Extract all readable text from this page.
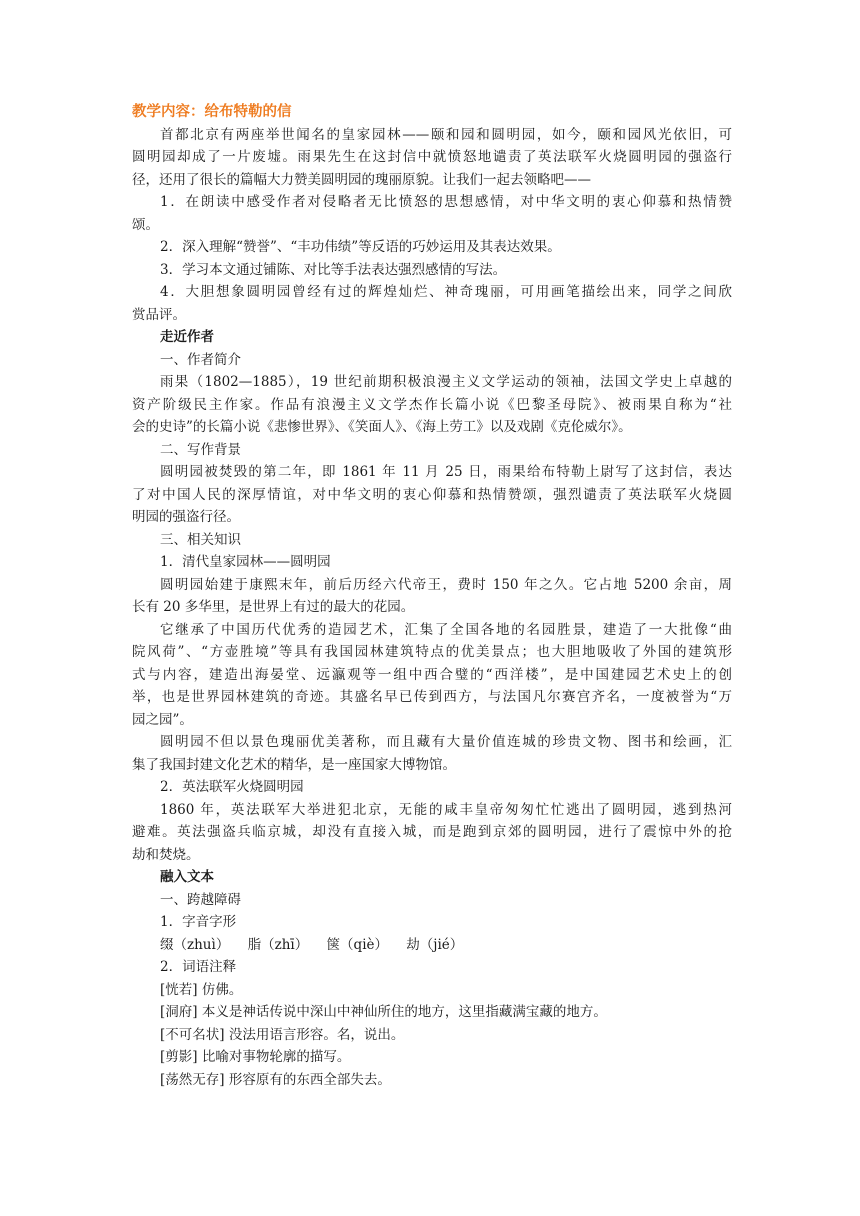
教学内容：给布特勒的信
首都北京有两座举世闻名的皇家园林——颐和园和圆明园，如今，颐和园风光依旧，可
圆明园却成了一片废墟。雨果先生在这封信中就愤怒地谴责了英法联军火烧圆明园的强盗行
径，还用了很长的篇幅大力赞美圆明园的瑰丽原貌。让我们一起去领略吧——
1．在朗读中感受作者对侵略者无比愤怒的思想感情，对中华文明的衷心仰慕和热情赞
颂。
2．深入理解“赞誉”、“丰功伟绩”等反语的巧妙运用及其表达效果。
3．学习本文通过铺陈、对比等手法表达强烈感情的写法。
4．大胆想象圆明园曾经有过的辉煌灿烂、神奇瑰丽，可用画笔描绘出来，同学之间欣
赏品评。
走近作者
一、作者简介
雨果（1802—1885），19 世纪前期积极浪漫主义文学运动的领袖，法国文学史上卓越的
资产阶级民主作家。作品有浪漫主义文学杰作长篇小说《巴黎圣母院》、被雨果自称为“社
会的史诗”的长篇小说《悲惨世界》、《笑面人》、《海上劳工》以及戏剧《克伦威尔》。
二、写作背景
圆明园被焚毁的第二年，即 1861 年 11 月 25 日，雨果给布特勒上尉写了这封信，表达
了对中国人民的深厚情谊，对中华文明的衷心仰慕和热情赞颂，强烈谴责了英法联军火烧圆
明园的强盗行径。
三、相关知识
1．清代皇家园林——圆明园
圆明园始建于康熙末年，前后历经六代帝王，费时 150 年之久。它占地 5200 余亩，周
长有 20 多华里，是世界上有过的最大的花园。
它继承了中国历代优秀的造园艺术，汇集了全国各地的名园胜景，建造了一大批像“曲
院风荷”、“方壶胜境”等具有我国园林建筑特点的优美景点；也大胆地吸收了外国的建筑形
式与内容，建造出海晏堂、远瀛观等一组中西合璧的“西洋楼”，是中国建园艺术史上的创
举，也是世界园林建筑的奇迹。其盛名早已传到西方，与法国凡尔赛宫齐名，一度被誉为“万
园之园”。
圆明园不但以景色瑰丽优美著称，而且藏有大量价值连城的珍贵文物、图书和绘画，汇
集了我国封建文化艺术的精华，是一座国家大博物馆。
2．英法联军火烧圆明园
1860 年，英法联军大举进犯北京，无能的咸丰皇帝匆匆忙忙逃出了圆明园，逃到热河
避难。英法强盗兵临京城，却没有直接入城，而是跑到京郊的圆明园，进行了震惊中外的抢
劫和焚烧。
融入文本
一、跨越障碍
1．字音字形
缀（zhuì） 脂（zhī） 箧（qiè） 劫（jié）
2．词语注释
[恍若] 仿佛。
[洞府] 本义是神话传说中深山中神仙所住的地方，这里指藏满宝藏的地方。
[不可名状] 没法用语言形容。名，说出。
[剪影] 比喻对事物轮廓的描写。
[荡然无存] 形容原有的东西全部失去。
